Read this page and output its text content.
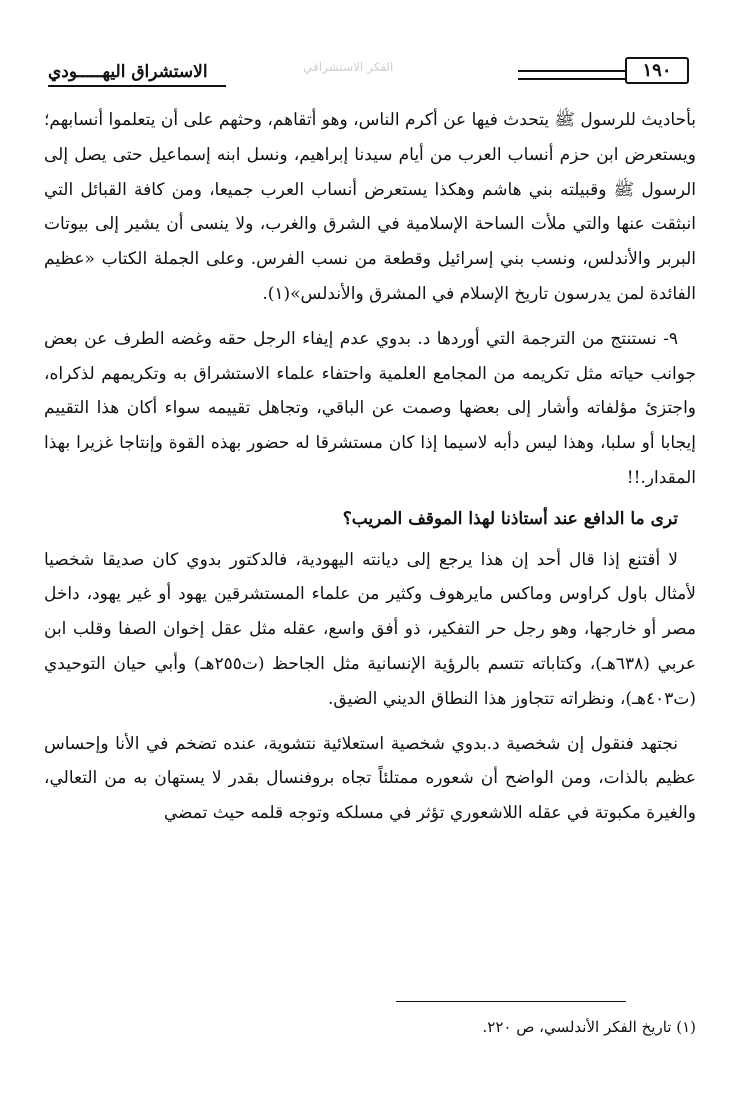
الاستشراق اليهـــــودي	الفكر الاستشراقي	١٩٠

بأحاديث للرسول ﷺ يتحدث فيها عن أكرم الناس، وهو أتقاهم، وحثهم على أن يتعلموا أنسابهم؛ ويستعرض ابن حزم أنساب العرب من أيام سيدنا إبراهيم، ونسل ابنه إسماعيل حتى يصل إلى الرسول ﷺ وقبيلته بني هاشم وهكذا يستعرض أنساب العرب جميعا، ومن كافة القبائل التي انبثقت عنها والتي ملأت الساحة الإسلامية في الشرق والغرب، ولا ينسى أن يشير إلى بيوتات البربر والأندلس، ونسب بني إسرائيل وقطعة من نسب الفرس. وعلى الجملة الكتاب «عظيم الفائدة لمن يدرسون تاريخ الإسلام في المشرق والأندلس»(١).

٩- نستنتج من الترجمة التي أوردها د. بدوي عدم إيفاء الرجل حقه وغضه الطرف عن بعض جوانب حياته مثل تكريمه من المجامع العلمية واحتفاء علماء الاستشراق به وتكريمهم لذكراه، واجتزئ مؤلفاته وأشار إلى بعضها وصمت عن الباقي، وتجاهل تقييمه سواء أكان هذا التقييم إيجابا أو سلبا، وهذا ليس دأبه لاسيما إذا كان مستشرقا له حضور بهذه القوة وإنتاجا غزيرا بهذا المقدار.!!

ترى ما الدافع عند أستاذنا لهذا الموقف المريب؟

لا أقتنع إذا قال أحد إن هذا يرجع إلى ديانته اليهودية، فالدكتور بدوي كان صديقا شخصيا لأمثال باول كراوس وماكس مايرهوف وكثير من علماء المستشرقين يهود أو غير يهود، داخل مصر أو خارجها، وهو رجل حر التفكير، ذو أفق واسع، عقله مثل عقل إخوان الصفا وقلب ابن عربي (٦٣٨هـ)، وكتاباته تتسم بالرؤية الإنسانية مثل الجاحظ (ت٢٥٥هـ) وأبي حيان التوحيدي (ت٤٠٣هـ)، ونظراته تتجاوز هذا النطاق الديني الضيق.

نجتهد فنقول إن شخصية د.بدوي شخصية استعلائية نتشوية، عنده تضخم في الأنا وإحساس عظيم بالذات، ومن الواضح أن شعوره ممتلئاً تجاه بروفنسال بقدر لا يستهان به من التعالي، والغيرة مكبوتة في عقله اللاشعوري تؤثر في مسلكه وتوجه قلمه حيث تمضي

(١) تاريخ الفكر الأندلسي، ص ٢٢٠.
